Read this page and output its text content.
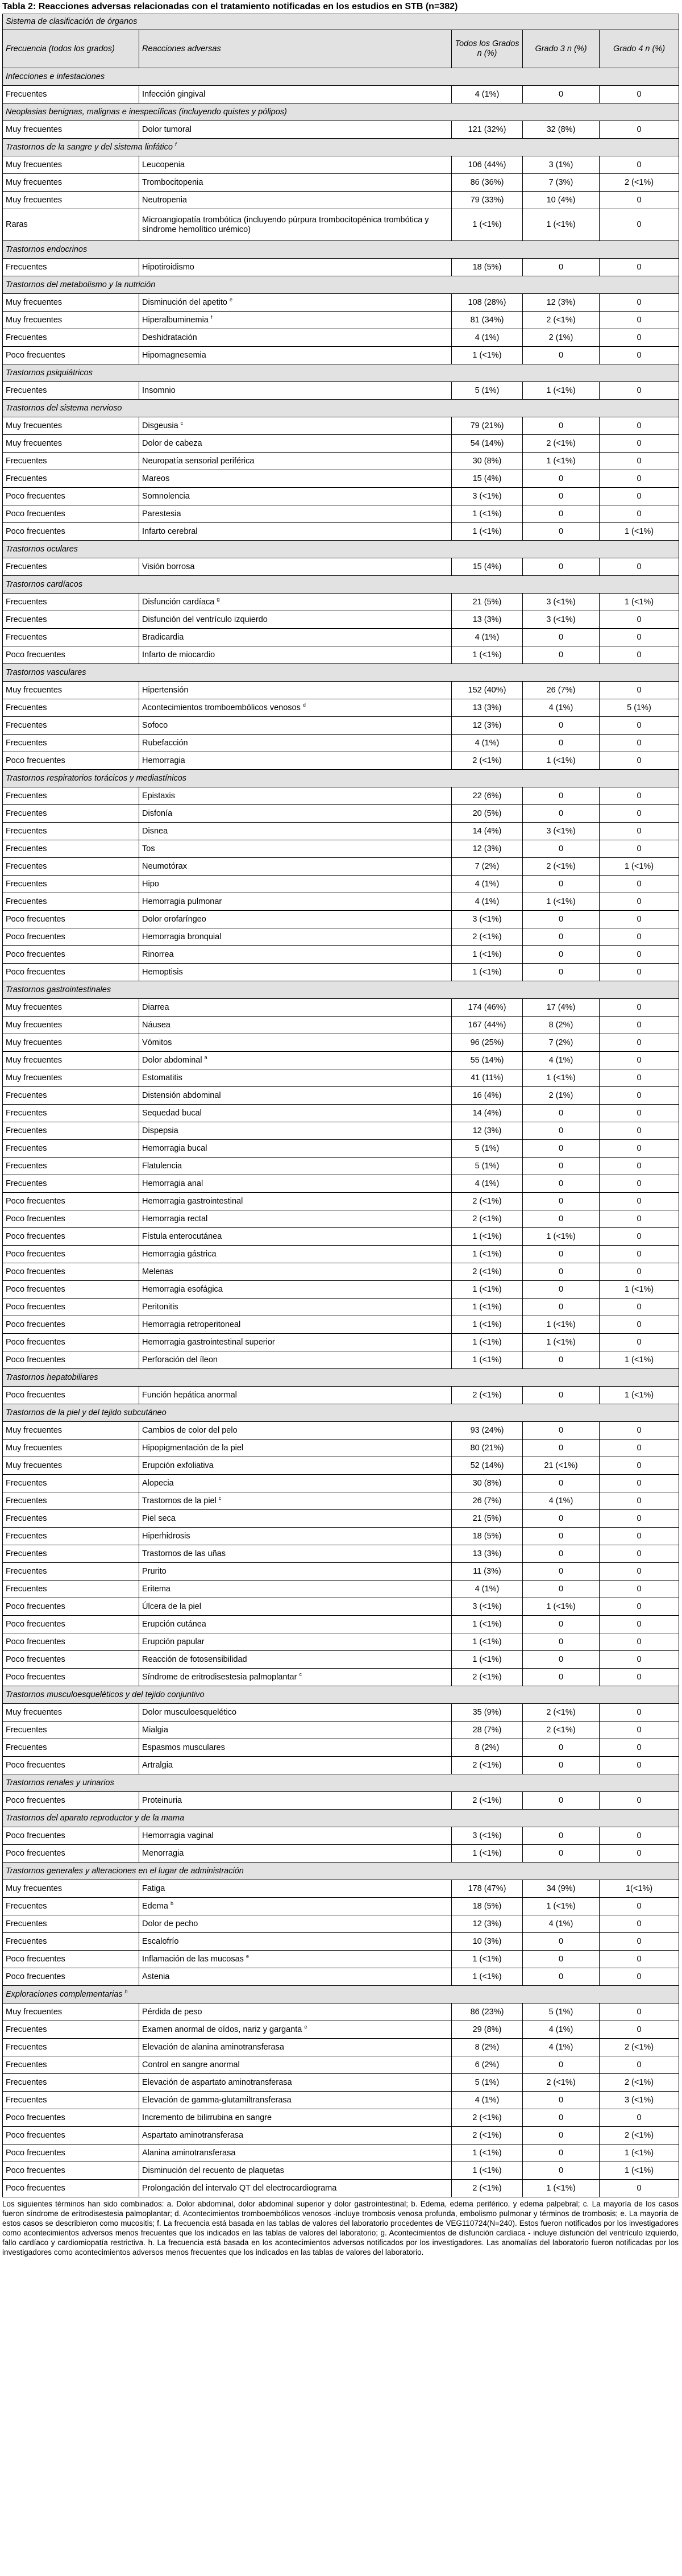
Tabla 2: Reacciones adversas relacionadas con el tratamiento notificadas en los estudios en STB (n=382)
Sistema de clasificación de órganos				
Frecuencia (todos los grados)	Reacciones adversas	Todos los Grados n (%)	Grado 3 n (%)	Grado 4 n (%)
Infecciones e infestaciones				
Frecuentes	Infección gingival	4 (1%)	0	0
Neoplasias benignas, malignas e inespecíficas (incluyendo quistes y pólipos)				
Muy frecuentes	Dolor tumoral	121 (32%)	32 (8%)	0
Trastornos de la sangre y del sistema linfático $^f$
Muy frecuentes	Leucopenia	106 (44%)	3 (1%)	0
Muy frecuentes	Trombocitopenia	86 (36%)	7 (3%)	2 (<1%)
Muy frecuentes	Neutropenia	79 (33%)	10 (4%)	0
Raras	Microangiopatía trombótica (incluyendo púrpura trombocitopénica trombótica y síndrome hemolítico urémico)	1 (<1%)	1 (<1%)	0
Trastornos endocrinos				
Frecuentes	Hipotiroidismo	18 (5%)	0	0
Trastornos del metabolismo y la nutrición				
Muy frecuentes	Disminución del apetito $^e$	108 (28%)	12 (3%)	0
Muy frecuentes	Hiperalbuminemia $^f$	81 (34%)	2 (<1%)	0
Frecuentes	Deshidratación	4 (1%)	2 (1%)	0
Poco frecuentes	Hipomagnesemia	1 (<1%)	0	0
Trastornos psiquiátricos				
Frecuentes	Insomnio	5 (1%)	1 (<1%)	0
Trastornos del sistema nervioso				
Muy frecuentes	Disgeusia $^c$	79 (21%)	0	0
Muy frecuentes	Dolor de cabeza	54 (14%)	2 (<1%)	0
Frecuentes	Neuropatía sensorial periférica	30 (8%)	1 (<1%)	0
Frecuentes	Mareos	15 (4%)	0	0
Poco frecuentes	Somnolencia	3 (<1%)	0	0
Poco frecuentes	Parestesia	1 (<1%)	0	0
Poco frecuentes	Infarto cerebral	1 (<1%)	0	1 (<1%)
Trastornos oculares				
Frecuentes	Visión borrosa	15 (4%)	0	0
Trastornos cardíacos				
Frecuentes	Disfunción cardíaca $^g$	21 (5%)	3 (<1%)	1 (<1%)
Frecuentes	Disfunción del ventrículo izquierdo	13 (3%)	3 (<1%)	0
Frecuentes	Bradicardia	4 (1%)	0	0
Poco frecuentes	Infarto de miocardio	1 (<1%)	0	0
Trastornos vasculares				
Muy frecuentes	Hipertensión	152 (40%)	26 (7%)	0
Frecuentes	Acontecimientos tromboembólicos venosos $^d$	13 (3%)	4 (1%)	5 (1%)
Frecuentes	Sofoco	12 (3%)	0	0
Frecuentes	Rubefacción	4 (1%)	0	0
Poco frecuentes	Hemorragia	2 (<1%)	1 (<1%)	0
Trastornos respiratorios torácicos y mediastínicos				
Frecuentes	Epistaxis	22 (6%)	0	0
Frecuentes	Disfonía	20 (5%)	0	0
Frecuentes	Disnea	14 (4%)	3 (<1%)	0
Frecuentes	Tos	12 (3%)	0	0
Frecuentes	Neumotórax	7 (2%)	2 (<1%)	1 (<1%)
Frecuentes	Hipo	4 (1%)	0	0
Frecuentes	Hemorragia pulmonar	4 (1%)	1 (<1%)	0
Poco frecuentes	Dolor orofaríngeo	3 (<1%)	0	0
Poco frecuentes	Hemorragia bronquial	2 (<1%)	0	0
Poco frecuentes	Rinorrea	1 (<1%)	0	0
Poco frecuentes	Hemoptisis	1 (<1%)	0	0
Trastornos gastrointestinales				
Muy frecuentes	Diarrea	174 (46%)	17 (4%)	0
Muy frecuentes	Náusea	167 (44%)	8 (2%)	0
Muy frecuentes	Vómitos	96 (25%)	7 (2%)	0
Muy frecuentes	Dolor abdominal $^a$	55 (14%)	4 (1%)	0
Muy frecuentes	Estomatitis	41 (11%)	1 (<1%)	0
Frecuentes	Distensión abdominal	16 (4%)	2 (1%)	0
Frecuentes	Sequedad bucal	14 (4%)	0	0
Frecuentes	Dispepsia	12 (3%)	0	0
Frecuentes	Hemorragia bucal	5 (1%)	0	0
Frecuentes	Flatulencia	5 (1%)	0	0
Frecuentes	Hemorragia anal	4 (1%)	0	0
Poco frecuentes	Hemorragia gastrointestinal	2 (<1%)	0	0
Poco frecuentes	Hemorragia rectal	2 (<1%)	0	0
Poco frecuentes	Fístula enterocutánea	1 (<1%)	1 (<1%)	0
Poco frecuentes	Hemorragia gástrica	1 (<1%)	0	0
Poco frecuentes	Melenas	2 (<1%)	0	0
Poco frecuentes	Hemorragia esofágica	1 (<1%)	0	1 (<1%)
Poco frecuentes	Peritonitis	1 (<1%)	0	0
Poco frecuentes	Hemorragia retroperitoneal	1 (<1%)	1 (<1%)	0
Poco frecuentes	Hemorragia gastrointestinal superior	1 (<1%)	1 (<1%)	0
Poco frecuentes	Perforación del íleon	1 (<1%)	0	1 (<1%)
Trastornos hepatobiliares				
Poco frecuentes	Función hepática anormal	2 (<1%)	0	1 (<1%)
Trastornos de la piel y del tejido subcutáneo				
Muy frecuentes	Cambios de color del pelo	93 (24%)	0	0
Muy frecuentes	Hipopigmentación de la piel	80 (21%)	0	0
Muy frecuentes	Erupción exfoliativa	52 (14%)	21 (<1%)	0
Frecuentes	Alopecia	30 (8%)	0	0
Frecuentes	Trastornos de la piel $^c$	26 (7%)	4 (1%)	0
Frecuentes	Piel seca	21 (5%)	0	0
Frecuentes	Hiperhidrosis	18 (5%)	0	0
Frecuentes	Trastornos de las uñas	13 (3%)	0	0
Frecuentes	Prurito	11 (3%)	0	0
Frecuentes	Eritema	4 (1%)	0	0
Poco frecuentes	Úlcera de la piel	3 (<1%)	1 (<1%)	0
Poco frecuentes	Erupción cutánea	1 (<1%)	0	0
Poco frecuentes	Erupción papular	1 (<1%)	0	0
Poco frecuentes	Reacción de fotosensibilidad	1 (<1%)	0	0
Poco frecuentes	Síndrome de eritrodisestesia palmoplantar $^c$	2 (<1%)	0	0
Trastornos musculoesqueléticos y del tejido conjuntivo				
Muy frecuentes	Dolor musculoesquelético	35 (9%)	2 (<1%)	0
Frecuentes	Mialgia	28 (7%)	2 (<1%)	0
Frecuentes	Espasmos musculares	8 (2%)	0	0
Poco frecuentes	Artralgia	2 (<1%)	0	0
Trastornos renales y urinarios				
Poco frecuentes	Proteinuria	2 (<1%)	0	0
Trastornos del aparato reproductor y de la mama				
Poco frecuentes	Hemorragia vaginal	3 (<1%)	0	0
Poco frecuentes	Menorragia	1 (<1%)	0	0
Trastornos generales y alteraciones en el lugar de administración				
Muy frecuentes	Fatiga	178 (47%)	34 (9%)	1(<1%)
Frecuentes	Edema $^b$	18 (5%)	1 (<1%)	0
Frecuentes	Dolor de pecho	12 (3%)	4 (1%)	0
Frecuentes	Escalofrío	10 (3%)	0	0
Poco frecuentes	Inflamación de las mucosas $^e$	1 (<1%)	0	0
Poco frecuentes	Astenia	1 (<1%)	0	0
Exploraciones complementarias $^h$
Muy frecuentes	Pérdida de peso	86 (23%)	5 (1%)	0
Frecuentes	Examen anormal de oídos, nariz y garganta $^e$	29 (8%)	4 (1%)	0
Frecuentes	Elevación de alanina aminotransferasa	8 (2%)	4 (1%)	2 (<1%)
Frecuentes	Control en sangre anormal	6 (2%)	0	0
Frecuentes	Elevación de aspartato aminotransferasa	5 (1%)	2 (<1%)	2 (<1%)
Frecuentes	Elevación de gamma-glutamiltransferasa	4 (1%)	0	3 (<1%)
Poco frecuentes	Incremento de bilirrubina en sangre	2 (<1%)	0	0
Poco frecuentes	Aspartato aminotransferasa	2 (<1%)	0	2 (<1%)
Poco frecuentes	Alanina aminotransferasa	1 (<1%)	0	1 (<1%)
Poco frecuentes	Disminución del recuento de plaquetas	1 (<1%)	0	1 (<1%)
Poco frecuentes	Prolongación del intervalo QT del electrocardiograma	2 (<1%)	1 (<1%)	0
Los siguientes términos han sido combinados: a. Dolor abdominal, dolor abdominal superior y dolor gastrointestinal; b. Edema, edema periférico, y edema palpebral; c. La mayoría de los casos fueron síndrome de eritrodisestesia palmoplantar; d. Acontecimientos tromboembólicos venosos -incluye trombosis venosa profunda, embolismo pulmonar y términos de trombosis; e. La mayoría de estos casos se describieron como mucositis; f. La frecuencia está basada en las tablas de valores del laboratorio procedentes de VEG110724(N=240). Estos fueron notificados por los investigadores como acontecimientos adversos menos frecuentes que los indicados en las tablas de valores del laboratorio; g. Acontecimientos de disfunción cardíaca - incluye disfunción del ventrículo izquierdo, fallo cardíaco y cardiomiopatía restrictiva. h. La frecuencia está basada en los acontecimientos adversos notificados por los investigadores. Las anomalías del laboratorio fueron notificadas por los investigadores como acontecimientos adversos menos frecuentes que los indicados en las tablas de valores del laboratorio.
